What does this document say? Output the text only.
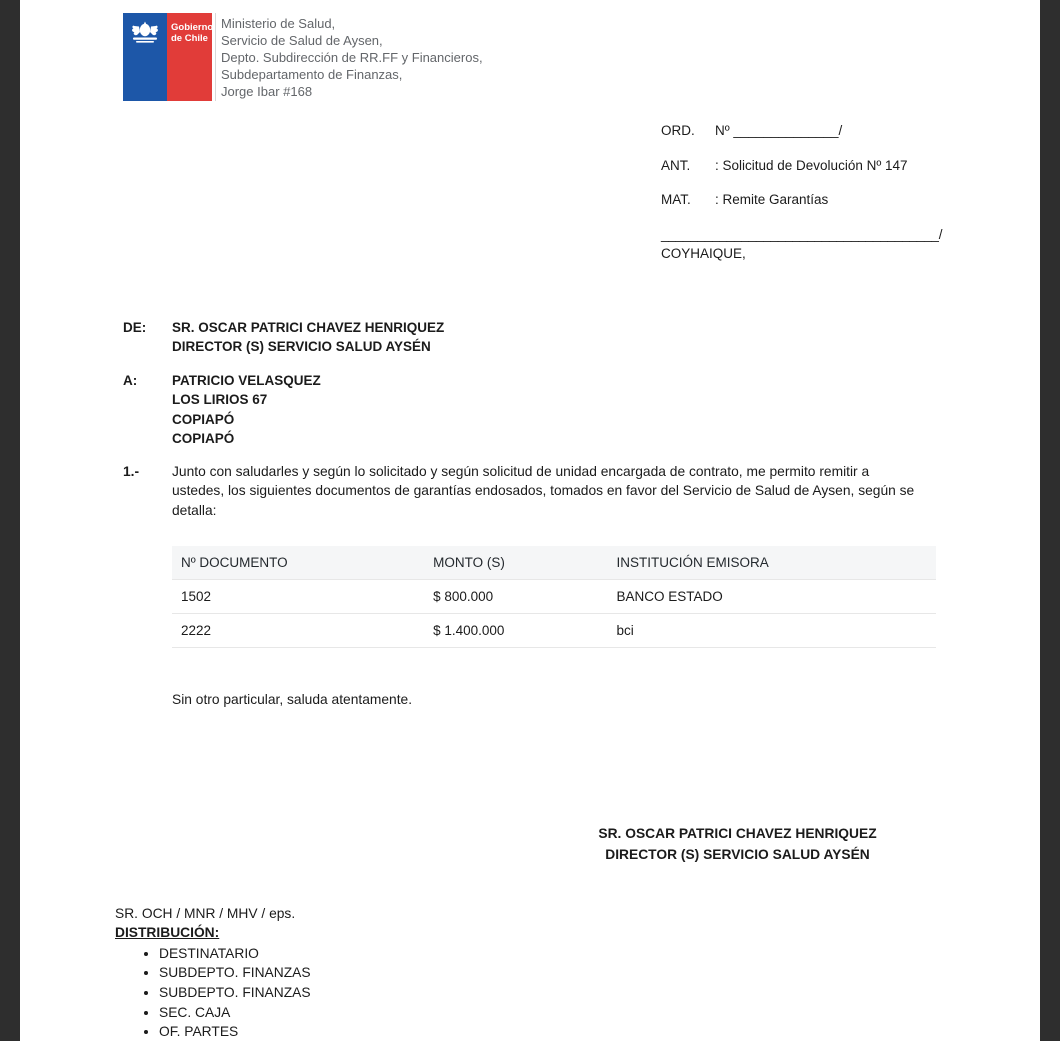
Gobierno
de Chile
Ministerio de Salud,
Servicio de Salud de Aysen,
Depto. Subdirección de RR.FF y Financieros,
Subdepartamento de Finanzas,
Jorge Ibar #168
ORD.	Nº ______________/
ANT.	: Solicitud de Devolución Nº 147
MAT.	: Remite Garantías
______________________________________/
COYHAIQUE,
DE:	SR. OSCAR PATRICI CHAVEZ HENRIQUEZ
DIRECTOR (S) SERVICIO SALUD AYSÉN
A:	PATRICIO VELASQUEZ
LOS LIRIOS 67
COPIAPÓ
COPIAPÓ
1.-	Junto con saludarles y según lo solicitado y según solicitud de unidad encargada de contrato, me permito remitir a ustedes, los siguientes documentos de garantías endosados, tomados en favor del Servicio de Salud de Aysen, según se detalla:
Nº DOCUMENTO	MONTO (S)	INSTITUCIÓN EMISORA
1502	$ 800.000	BANCO ESTADO
2222	$ 1.400.000	bci
Sin otro particular, saluda atentamente.
SR. OSCAR PATRICI CHAVEZ HENRIQUEZ
DIRECTOR (S) SERVICIO SALUD AYSÉN
SR. OCH / MNR / MHV / eps.
DISTRIBUCIÓN:
• DESTINATARIO
• SUBDEPTO. FINANZAS
• SUBDEPTO. FINANZAS
• SEC. CAJA
• OF. PARTES
